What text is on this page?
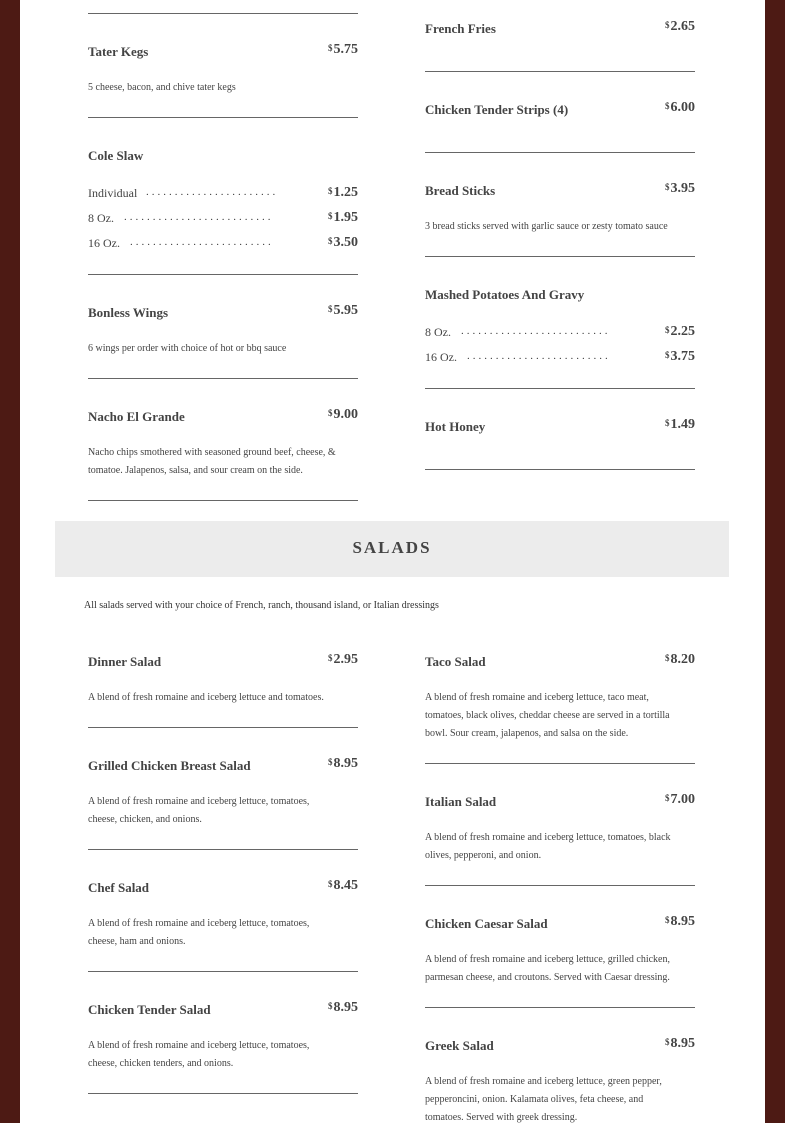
Tater Kegs	$5.75
5 cheese, bacon, and chive tater kegs
Cole Slaw
Individual .......................	$1.25
8 Oz. ..........................	$1.95
16 Oz. .........................	$3.50
Bonless Wings	$5.95
6 wings per order with choice of hot or bbq sauce
Nacho El Grande	$9.00
Nacho chips smothered with seasoned ground beef, cheese, &
tomatoe. Jalapenos, salsa, and sour cream on the side.
French Fries	$2.65
Chicken Tender Strips (4)	$6.00
Bread Sticks	$3.95
3 bread sticks served with garlic sauce or zesty tomato sauce
Mashed Potatoes And Gravy
8 Oz. ..........................	$2.25
16 Oz. .........................	$3.75
Hot Honey	$1.49
SALADS
All salads served with your choice of French, ranch, thousand island, or Italian dressings
Dinner Salad	$2.95
A blend of fresh romaine and iceberg lettuce and tomatoes.
Grilled Chicken Breast Salad	$8.95
A blend of fresh romaine and iceberg lettuce, tomatoes,
cheese, chicken, and onions.
Chef Salad	$8.45
A blend of fresh romaine and iceberg lettuce, tomatoes,
cheese, ham and onions.
Chicken Tender Salad	$8.95
A blend of fresh romaine and iceberg lettuce, tomatoes,
cheese, chicken tenders, and onions.
Taco Salad	$8.20
A blend of fresh romaine and iceberg lettuce, taco meat,
tomatoes, black olives, cheddar cheese are served in a tortilla
bowl. Sour cream, jalapenos, and salsa on the side.
Italian Salad	$7.00
A blend of fresh romaine and iceberg lettuce, tomatoes, black
olives, pepperoni, and onion.
Chicken Caesar Salad	$8.95
A blend of fresh romaine and iceberg lettuce, grilled chicken,
parmesan cheese, and croutons. Served with Caesar dressing.
Greek Salad	$8.95
A blend of fresh romaine and iceberg lettuce, green pepper,
pepperoncini, onion. Kalamata olives, feta cheese, and
tomatoes. Served with greek dressing.
